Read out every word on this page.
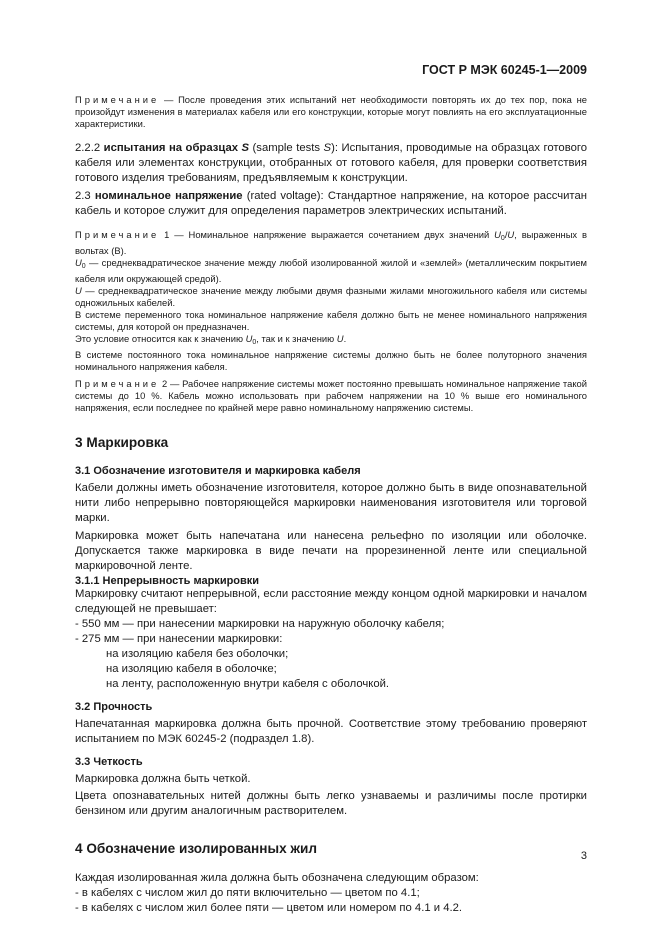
ГОСТ Р МЭК 60245-1—2009

Примечание — После проведения этих испытаний нет необходимости повторять их до тех пор, пока не произойдут изменения в материалах кабеля или его конструкции, которые могут повлиять на его эксплуатационные характеристики.

2.2.2 испытания на образцах S (sample tests S): Испытания, проводимые на образцах готового кабеля или элементах конструкции, отобранных от готового кабеля, для проверки соответствия готового изделия требованиям, предъявляемым к конструкции.

2.3 номинальное напряжение (rated voltage): Стандартное напряжение, на которое рассчитан кабель и которое служит для определения параметров электрических испытаний.

Примечание 1 — Номинальное напряжение выражается сочетанием двух значений $U_0/U$, выраженных в вольтах (В).

$U_0$ — среднеквадратическое значение между любой изолированной жилой и «землей» (металлическим покрытием кабеля или окружающей средой).

U — среднеквадратическое значение между любыми двумя фазными жилами многожильного кабеля или системы одножильных кабелей.

В системе переменного тока номинальное напряжение кабеля должно быть не менее номинального напряжения системы, для которой он предназначен.

Это условие относится как к значению $U_0$, так и к значению U.

В системе постоянного тока номинальное напряжение системы должно быть не более полуторного значения номинального напряжения кабеля.

Примечание 2 — Рабочее напряжение системы может постоянно превышать номинальное напряжение такой системы до 10 %. Кабель можно использовать при рабочем напряжении на 10 % выше его номинального напряжения, если последнее по крайней мере равно номинальному напряжению системы.

3 Маркировка
3.1 Обозначение изготовителя и маркировка кабеля

Кабели должны иметь обозначение изготовителя, которое должно быть в виде опознавательной нити либо непрерывно повторяющейся маркировки наименования изготовителя или торговой марки.

Маркировка может быть напечатана или нанесена рельефно по изоляции или оболочке. Допускается также маркировка в виде печати на прорезиненной ленте или специальной маркировочной ленте.

3.1.1 Непрерывность маркировки

Маркировку считают непрерывной, если расстояние между концом одной маркировки и началом следующей не превышает:

- 550 мм — при нанесении маркировки на наружную оболочку кабеля;

- 275 мм — при нанесении маркировки:

на изоляцию кабеля без оболочки;

на изоляцию кабеля в оболочке;

на ленту, расположенную внутри кабеля с оболочкой.

3.2 Прочность

Напечатанная маркировка должна быть прочной. Соответствие этому требованию проверяют испытанием по МЭК 60245-2 (подраздел 1.8).

3.3 Четкость

Маркировка должна быть четкой.

Цвета опознавательных нитей должны быть легко узнаваемы и различимы после протирки бензином или другим аналогичным растворителем.

4 Обозначение изолированных жил

Каждая изолированная жила должна быть обозначена следующим образом:

- в кабелях с числом жил до пяти включительно — цветом по 4.1;

- в кабелях с числом жил более пяти — цветом или номером по 4.1 и 4.2.

3
